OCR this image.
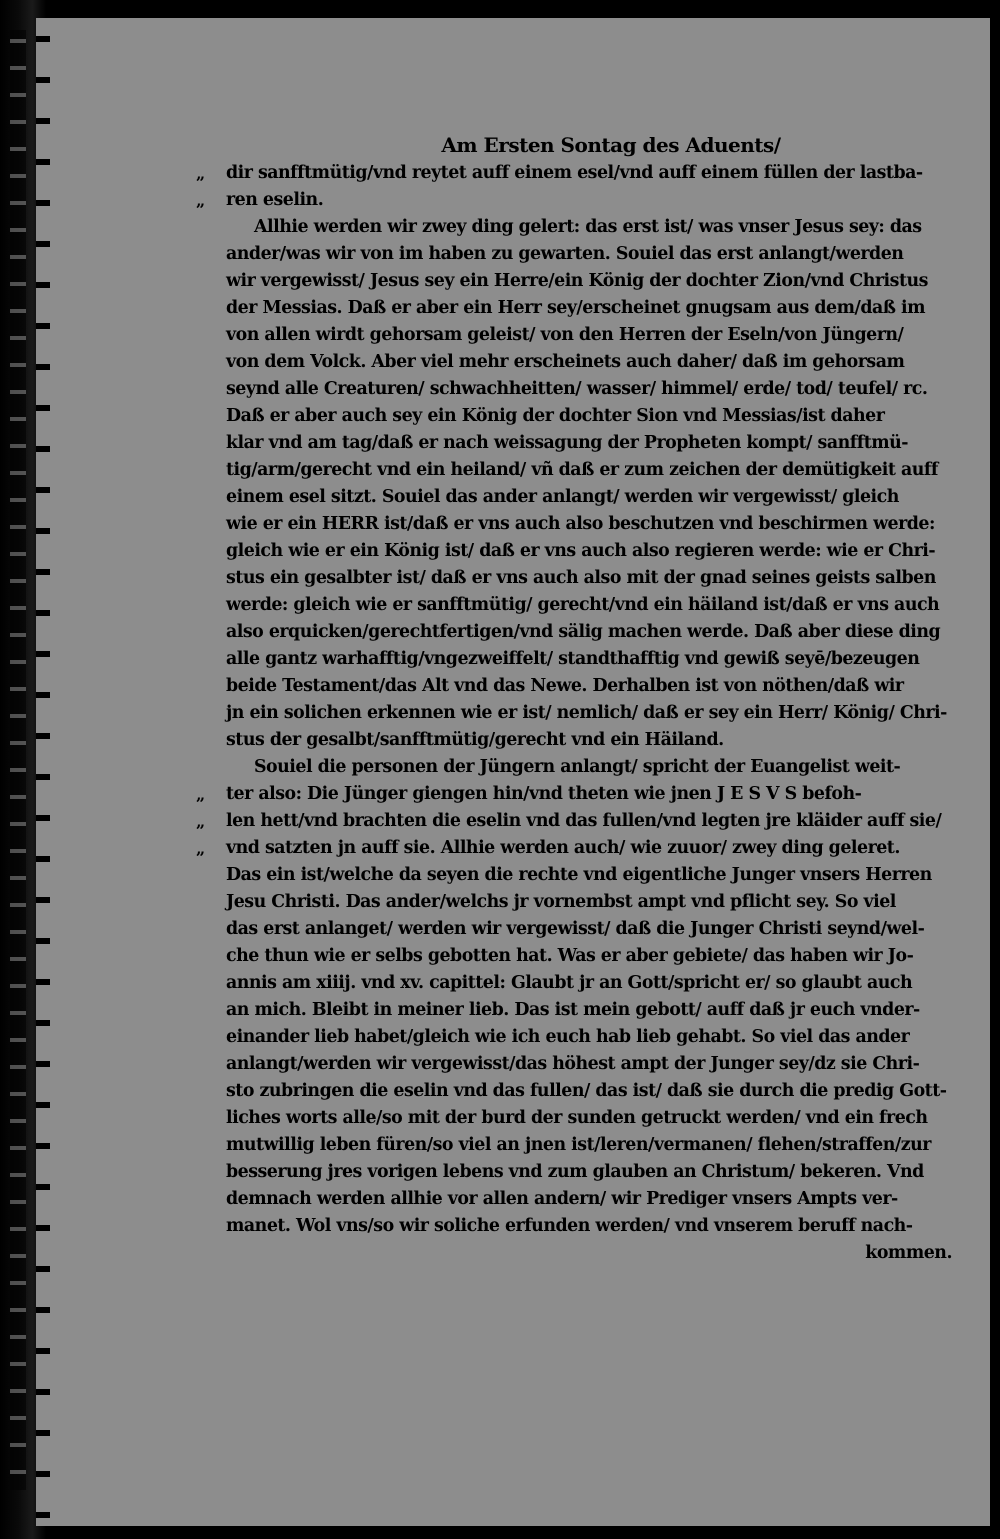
Am Ersten Sontag des Aduents/
„ dir sanfftmütig/vnd reytet auff einem esel/vnd auff einem füllen der lastba-
„ ren eselin.
Allhie werden wir zwey ding gelert: das erst ist/ was vnser Jesus sey: das
ander/was wir von im haben zu gewarten. Souiel das erst anlangt/werden
wir vergewisst/ Jesus sey ein Herre/ein König der dochter Zion/vnd Christus
der Messias. Daß er aber ein Herr sey/erscheinet gnugsam aus dem/daß im
von allen wirdt gehorsam geleist/ von den Herren der Eseln/von Jüngern/
von dem Volck. Aber viel mehr erscheinets auch daher/ daß im gehorsam
seynd alle Creaturen/ schwachheitten/ wasser/ himmel/ erde/ tod/ teufel/ rc.
Daß er aber auch sey ein König der dochter Sion vnd Messias/ist daher
klar vnd am tag/daß er nach weissagung der Propheten kompt/ sanfftmü-
tig/arm/gerecht vnd ein heiland/ vñ daß er zum zeichen der demütigkeit auff
einem esel sitzt. Souiel das ander anlangt/ werden wir vergewisst/ gleich
wie er ein HERR ist/daß er vns auch also beschutzen vnd beschirmen werde:
gleich wie er ein König ist/ daß er vns auch also regieren werde: wie er Chri-
stus ein gesalbter ist/ daß er vns auch also mit der gnad seines geists salben
werde: gleich wie er sanfftmütig/ gerecht/vnd ein häiland ist/daß er vns auch
also erquicken/gerechtfertigen/vnd sälig machen werde. Daß aber diese ding
alle gantz warhafftig/vngezweiffelt/ standthafftig vnd gewiß seyē/bezeugen
beide Testament/das Alt vnd das Newe. Derhalben ist von nöthen/daß wir
jn ein solichen erkennen wie er ist/ nemlich/ daß er sey ein Herr/ König/ Chri-
stus der gesalbt/sanfftmütig/gerecht vnd ein Häiland.
Souiel die personen der Jüngern anlangt/ spricht der Euangelist weit-
„ ter also: Die Jünger giengen hin/vnd theten wie jnen J E S V S befoh-
„ len hett/vnd brachten die eselin vnd das fullen/vnd legten jre kläider auff sie/
„ vnd satzten jn auff sie. Allhie werden auch/ wie zuuor/ zwey ding geleret.
Das ein ist/welche da seyen die rechte vnd eigentliche Junger vnsers Herren
Jesu Christi. Das ander/welchs jr vornembst ampt vnd pflicht sey. So viel
das erst anlanget/ werden wir vergewisst/ daß die Junger Christi seynd/wel-
che thun wie er selbs gebotten hat. Was er aber gebiete/ das haben wir Jo-
annis am xiiij. vnd xv. capittel: Glaubt jr an Gott/spricht er/ so glaubt auch
an mich. Bleibt in meiner lieb. Das ist mein gebott/ auff daß jr euch vnder-
einander lieb habet/gleich wie ich euch hab lieb gehabt. So viel das ander
anlangt/werden wir vergewisst/das höhest ampt der Junger sey/dz sie Chri-
sto zubringen die eselin vnd das fullen/ das ist/ daß sie durch die predig Gott-
liches worts alle/so mit der burd der sunden getruckt werden/ vnd ein frech
mutwillig leben füren/so viel an jnen ist/leren/vermanen/ flehen/straffen/zur
besserung jres vorigen lebens vnd zum glauben an Christum/ bekeren. Vnd
demnach werden allhie vor allen andern/ wir Prediger vnsers Ampts ver-
manet. Wol vns/so wir soliche erfunden werden/ vnd vnserem beruff nach-
kommen.
